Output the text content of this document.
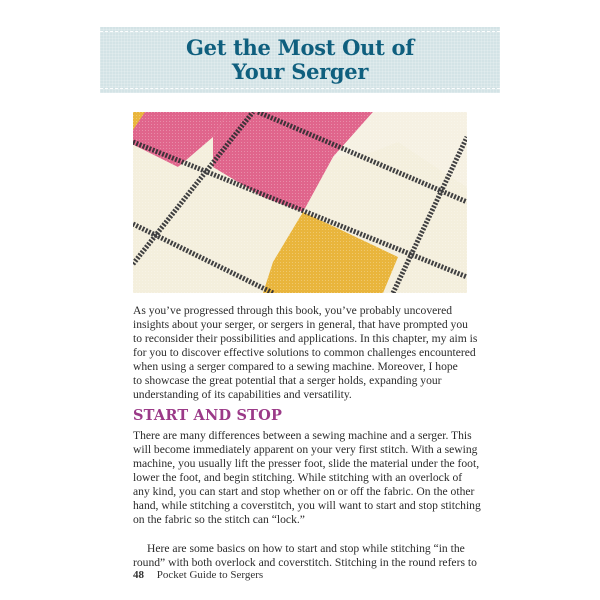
Get the Most Out of
Your Serger
As you’ve progressed through this book, you’ve probably uncovered
insights about your serger, or sergers in general, that have prompted you
to reconsider their possibilities and applications. In this chapter, my aim is
for you to discover effective solutions to common challenges encountered
when using a serger compared to a sewing machine. Moreover, I hope
to showcase the great potential that a serger holds, expanding your
understanding of its capabilities and versatility.
START AND STOP
There are many differences between a sewing machine and a serger. This
will become immediately apparent on your very first stitch. With a sewing
machine, you usually lift the presser foot, slide the material under the foot,
lower the foot, and begin stitching. While stitching with an overlock of
any kind, you can start and stop whether on or off the fabric. On the other
hand, while stitching a coverstitch, you will want to start and stop stitching
on the fabric so the stitch can “lock.”
Here are some basics on how to start and stop while stitching “in the
round” with both overlock and coverstitch. Stitching in the round refers to
48 Pocket Guide to Sergers
